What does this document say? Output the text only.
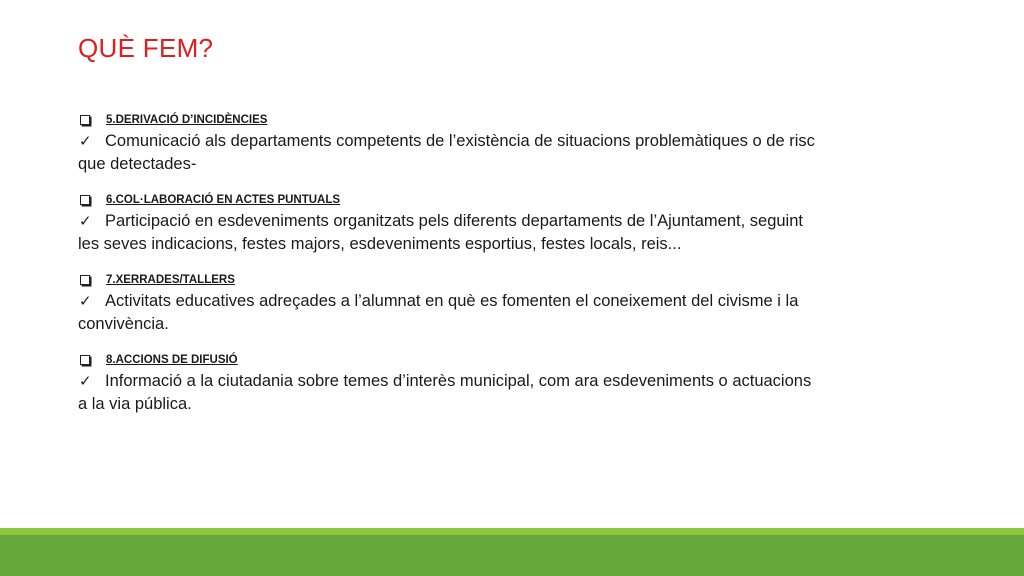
QUÈ FEM?
5.DERIVACIÓ D’INCIDÈNCIES
✓ Comunicació als departaments competents de l’existència de situacions problemàtiques o de risc que detectades-
6.COL·LABORACIÓ EN ACTES PUNTUALS
✓ Participació en esdeveniments organitzats pels diferents departaments de l’Ajuntament, seguint les seves indicacions, festes majors, esdeveniments esportius, festes locals, reis...
7.XERRADES/TALLERS
✓ Activitats educatives adreçades a l’alumnat en què es fomenten el coneixement del civisme i la convivència.
8.ACCIONS DE DIFUSIÓ
✓ Informació a la ciutadania sobre temes d’interès municipal, com ara esdeveniments o actuacions a la via pública.
